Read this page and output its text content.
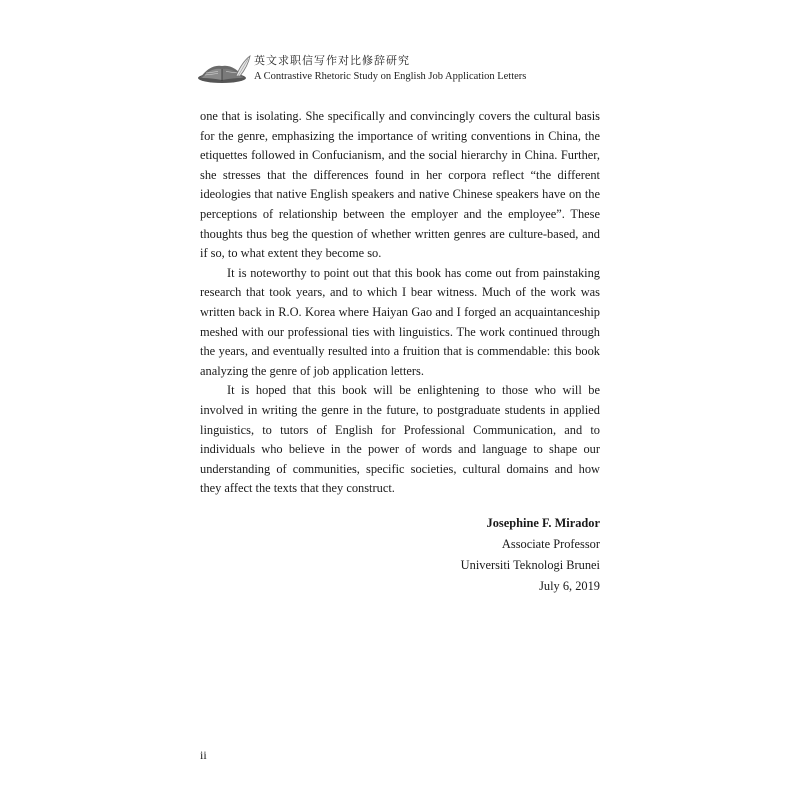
英文求职信写作对比修辞研究
A Contrastive Rhetoric Study on English Job Application Letters

one that is isolating. She specifically and convincingly covers the cultural basis for the genre, emphasizing the importance of writing conventions in China, the etiquettes followed in Confucianism, and the social hierarchy in China. Further, she stresses that the differences found in her corpora reflect “the different ideologies that native English speakers and native Chinese speakers have on the perceptions of relationship between the employer and the employee”. These thoughts thus beg the question of whether written genres are culture-based, and if so, to what extent they become so.

It is noteworthy to point out that this book has come out from painstaking research that took years, and to which I bear witness. Much of the work was written back in R.O. Korea where Haiyan Gao and I forged an acquaintanceship meshed with our professional ties with linguistics. The work continued through the years, and eventually resulted into a fruition that is commendable: this book analyzing the genre of job application letters.

It is hoped that this book will be enlightening to those who will be involved in writing the genre in the future, to postgraduate students in applied linguistics, to tutors of English for Professional Communication, and to individuals who believe in the power of words and language to shape our understanding of communities, specific societies, cultural domains and how they affect the texts that they construct.

Josephine F. Mirador
Associate Professor
Universiti Teknologi Brunei
July 6, 2019
ii
